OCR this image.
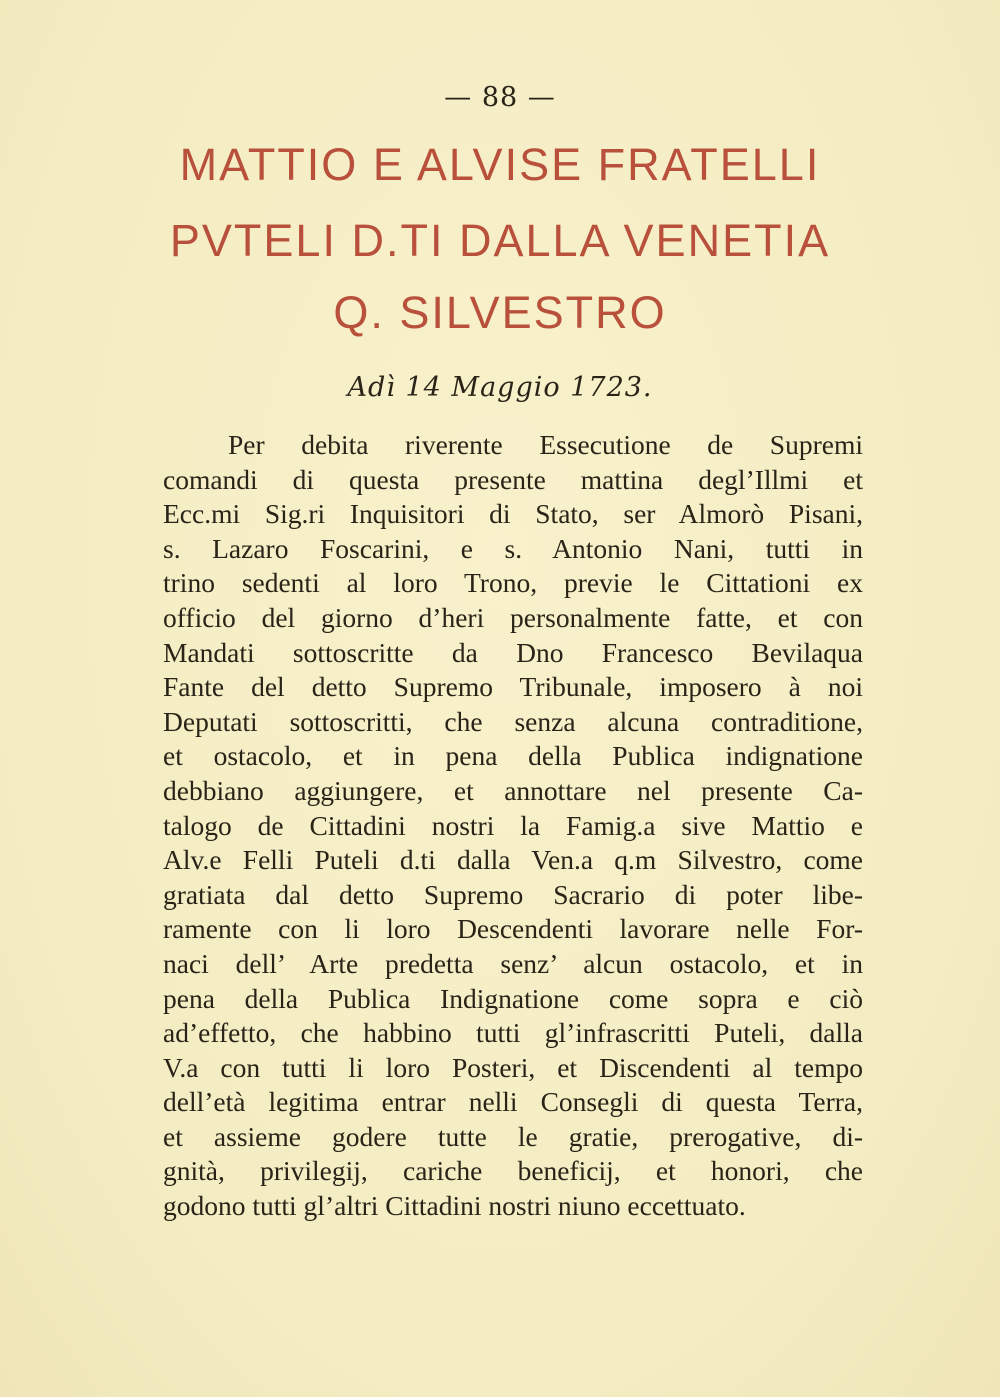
— 88 —
MATTIO E ALVISE FRATELLI
PVTELI D.TI DALLA VENETIA
Q. SILVESTRO
Adì 14 Maggio 1723.
Per debita riverente Essecutione de Supremi
comandi di questa presente mattina degl’Illmi et
Ecc.mi Sig.ri Inquisitori di Stato, ser Almorò Pisani,
s. Lazaro Foscarini, e s. Antonio Nani, tutti in
trino sedenti al loro Trono, previe le Cittationi ex
officio del giorno d’heri personalmente fatte, et con
Mandati sottoscritte da Dno Francesco Bevilaqua
Fante del detto Supremo Tribunale, imposero à noi
Deputati sottoscritti, che senza alcuna contraditione,
et ostacolo, et in pena della Publica indignatione
debbiano aggiungere, et annottare nel presente Ca-
talogo de Cittadini nostri la Famig.a sive Mattio e
Alv.e Felli Puteli d.ti dalla Ven.a q.m Silvestro, come
gratiata dal detto Supremo Sacrario di poter libe-
ramente con li loro Descendenti lavorare nelle For-
naci dell’ Arte predetta senz’ alcun ostacolo, et in
pena della Publica Indignatione come sopra e ciò
ad’effetto, che habbino tutti gl’infrascritti Puteli, dalla
V.a con tutti li loro Posteri, et Discendenti al tempo
dell’età legitima entrar nelli Consegli di questa Terra,
et assieme godere tutte le gratie, prerogative, di-
gnità, privilegij, cariche beneficij, et honori, che
godono tutti gl’altri Cittadini nostri niuno eccettuato.
